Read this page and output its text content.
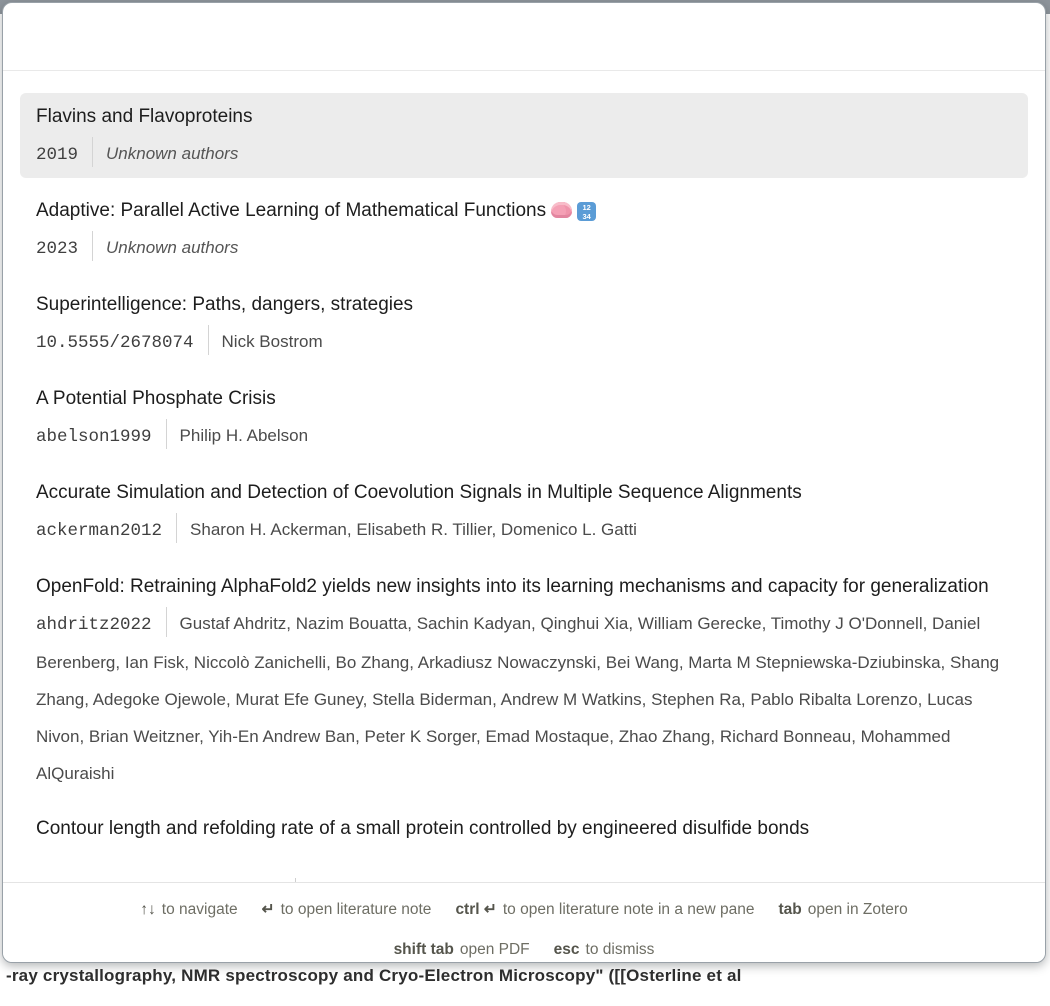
-ray crystallography, NMR spectroscopy and Cryo-Electron Microscopy" ([[Osterline et al
Flavins and Flavoproteins
2019 Unknown authors
Adaptive: Parallel Active Learning of Mathematical Functions12 34
2023 Unknown authors
Superintelligence: Paths, dangers, strategies
10.5555/2678074 Nick Bostrom
A Potential Phosphate Crisis
abelson1999 Philip H. Abelson
Accurate Simulation and Detection of Coevolution Signals in Multiple Sequence Alignments
ackerman2012 Sharon H. Ackerman, Elisabeth R. Tillier, Domenico L. Gatti
OpenFold: Retraining AlphaFold2 yields new insights into its learning mechanisms and capacity for generalization
ahdritz2022 Gustaf Ahdritz, Nazim Bouatta, Sachin Kadyan, Qinghui Xia, William Gerecke, Timothy J O'Donnell, Daniel Berenberg, Ian Fisk, Niccolò Zanichelli, Bo Zhang, Arkadiusz Nowaczynski, Bei Wang, Marta M Stepniewska-Dziubinska, Shang Zhang, Adegoke Ojewole, Murat Efe Guney, Stella Biderman, Andrew M Watkins, Stephen Ra, Pablo Ribalta Lorenzo, Lucas Nivon, Brian Weitzner, Yih-En Andrew Ban, Peter K Sorger, Emad Mostaque, Zhao Zhang, Richard Bonneau, Mohammed AlQuraishi
Contour length and refolding rate of a small protein controlled by engineered disulfide bonds
↑↓ to navigate ↵ to open literature note ctrl ↵ to open literature note in a new pane tab open in Zotero
shift tab open PDF esc to dismiss
